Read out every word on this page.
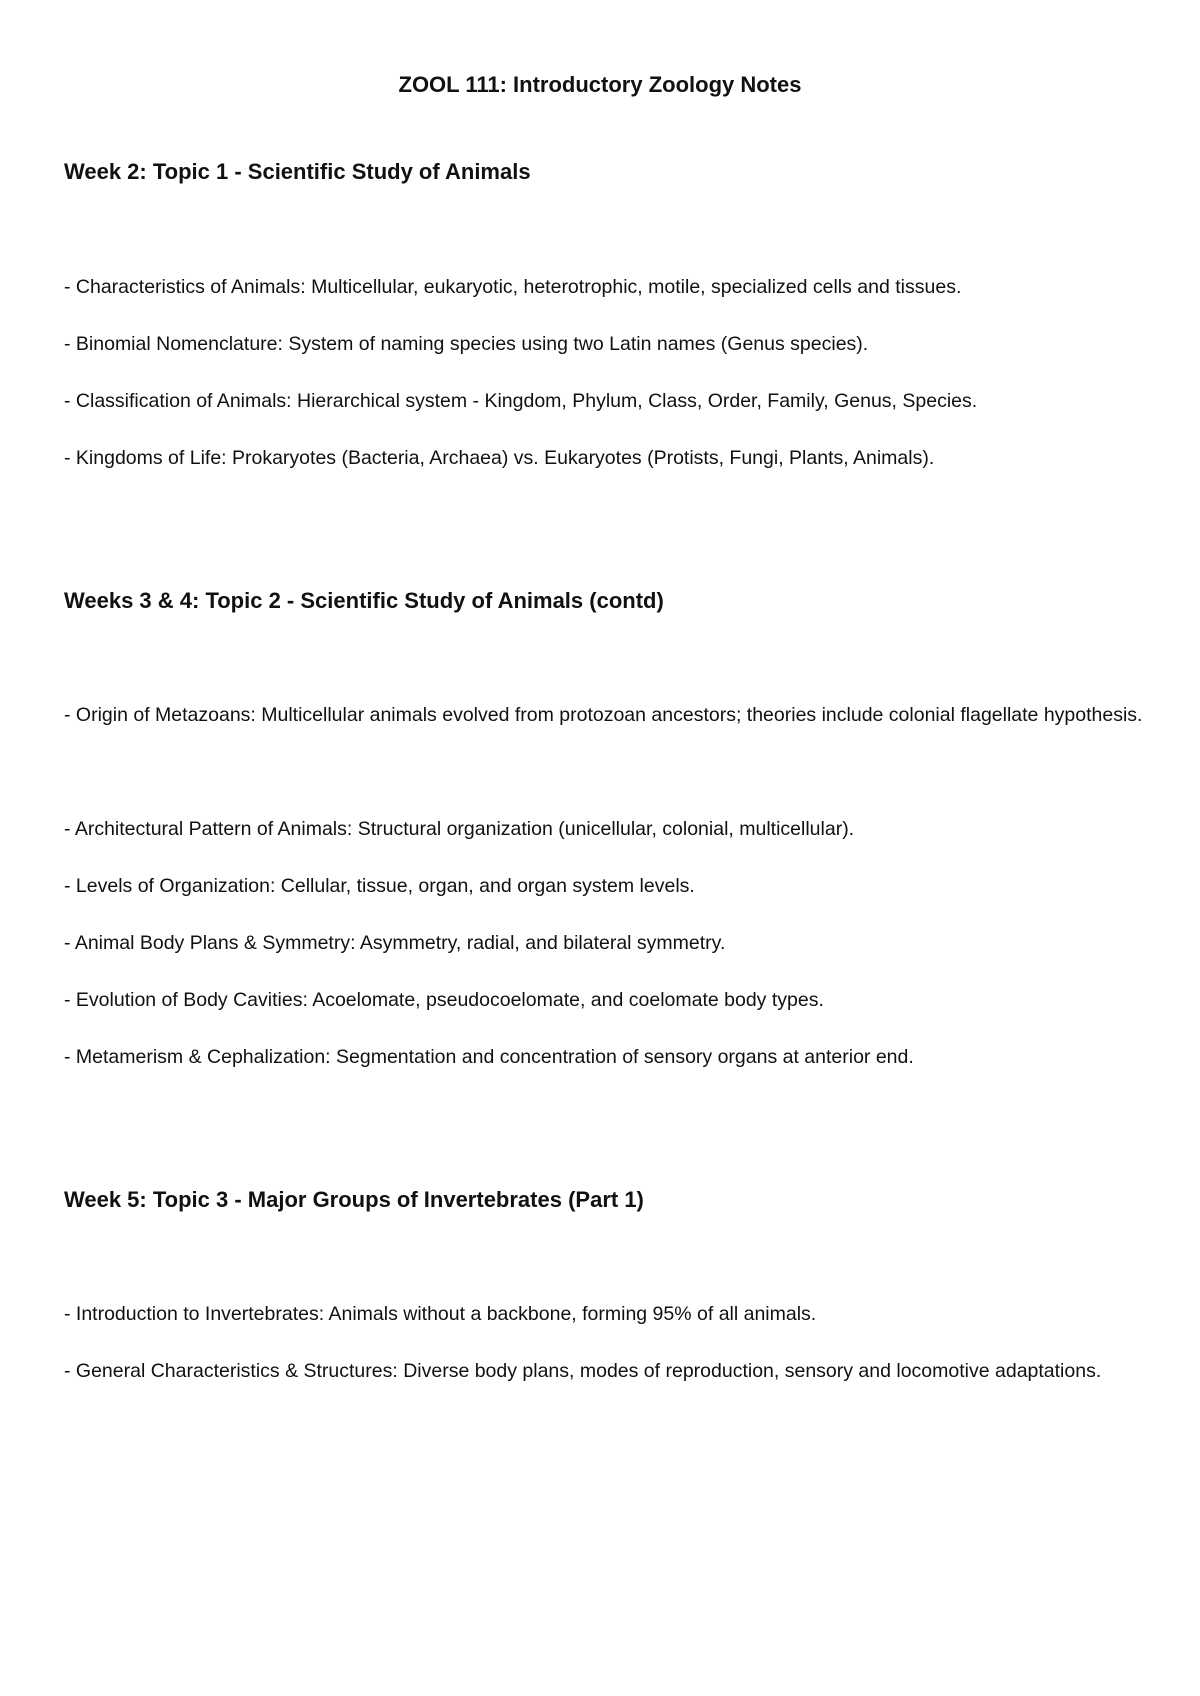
ZOOL 111: Introductory Zoology Notes
Week 2: Topic 1 - Scientific Study of Animals
- Characteristics of Animals: Multicellular, eukaryotic, heterotrophic, motile, specialized cells and tissues.
- Binomial Nomenclature: System of naming species using two Latin names (Genus species).
- Classification of Animals: Hierarchical system - Kingdom, Phylum, Class, Order, Family, Genus, Species.
- Kingdoms of Life: Prokaryotes (Bacteria, Archaea) vs. Eukaryotes (Protists, Fungi, Plants, Animals).
Weeks 3 & 4: Topic 2 - Scientific Study of Animals (contd)
- Origin of Metazoans: Multicellular animals evolved from protozoan ancestors; theories include colonial flagellate hypothesis.
- Architectural Pattern of Animals: Structural organization (unicellular, colonial, multicellular).
- Levels of Organization: Cellular, tissue, organ, and organ system levels.
- Animal Body Plans & Symmetry: Asymmetry, radial, and bilateral symmetry.
- Evolution of Body Cavities: Acoelomate, pseudocoelomate, and coelomate body types.
- Metamerism & Cephalization: Segmentation and concentration of sensory organs at anterior end.
Week 5: Topic 3 - Major Groups of Invertebrates (Part 1)
- Introduction to Invertebrates: Animals without a backbone, forming 95% of all animals.
- General Characteristics & Structures: Diverse body plans, modes of reproduction, sensory and locomotive adaptations.
